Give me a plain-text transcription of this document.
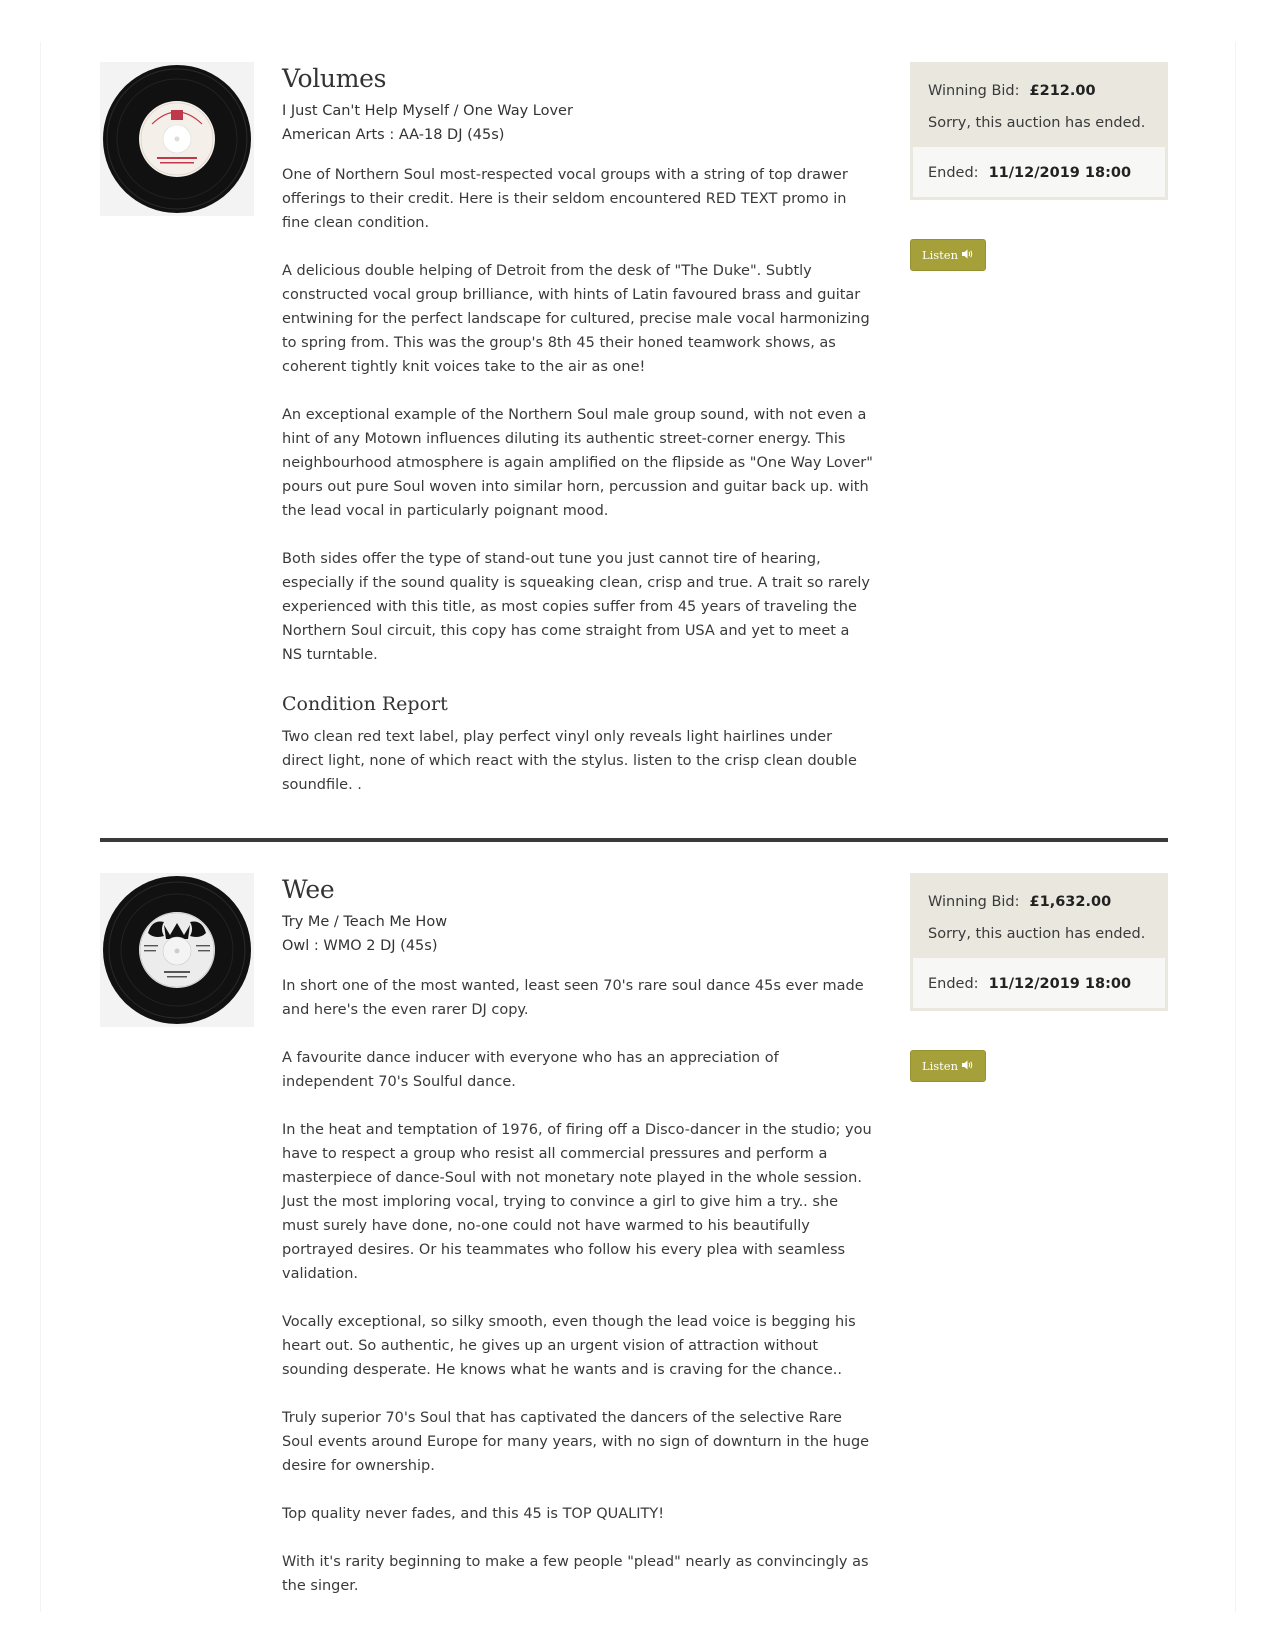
Volumes
I Just Can't Help Myself / One Way Lover
American Arts : AA-18 DJ (45s)

One of Northern Soul most-respected vocal groups with a string of top drawer offerings to their credit. Here is their seldom encountered RED TEXT promo in fine clean condition.

A delicious double helping of Detroit from the desk of "The Duke". Subtly constructed vocal group brilliance, with hints of Latin favoured brass and guitar entwining for the perfect landscape for cultured, precise male vocal harmonizing to spring from. This was the group's 8th 45 their honed teamwork shows, as coherent tightly knit voices take to the air as one!

An exceptional example of the Northern Soul male group sound, with not even a hint of any Motown influences diluting its authentic street-corner energy. This neighbourhood atmosphere is again amplified on the flipside as "One Way Lover" pours out pure Soul woven into similar horn, percussion and guitar back up. with the lead vocal in particularly poignant mood.

Both sides offer the type of stand-out tune you just cannot tire of hearing, especially if the sound quality is squeaking clean, crisp and true. A trait so rarely experienced with this title, as most copies suffer from 45 years of traveling the Northern Soul circuit, this copy has come straight from USA and yet to meet a NS turntable.

Condition Report

Two clean red text label, play perfect vinyl only reveals light hairlines under direct light, none of which react with the stylus. listen to the crisp clean double soundfile. .

Winning Bid: £212.00
Sorry, this auction has ended.
Ended: 11/12/2019 18:00
Listen
Wee
Try Me / Teach Me How
Owl : WMO 2 DJ (45s)

In short one of the most wanted, least seen 70's rare soul dance 45s ever made and here's the even rarer DJ copy.

A favourite dance inducer with everyone who has an appreciation of independent 70's Soulful dance.

In the heat and temptation of 1976, of firing off a Disco-dancer in the studio; you have to respect a group who resist all commercial pressures and perform a masterpiece of dance-Soul with not monetary note played in the whole session. Just the most imploring vocal, trying to convince a girl to give him a try.. she must surely have done, no-one could not have warmed to his beautifully portrayed desires. Or his teammates who follow his every plea with seamless validation.

Vocally exceptional, so silky smooth, even though the lead voice is begging his heart out. So authentic, he gives up an urgent vision of attraction without sounding desperate. He knows what he wants and is craving for the chance..

Truly superior 70's Soul that has captivated the dancers of the selective Rare Soul events around Europe for many years, with no sign of downturn in the huge desire for ownership.

Top quality never fades, and this 45 is TOP QUALITY!

With it's rarity beginning to make a few people "plead" nearly as convincingly as the singer.

Winning Bid: £1,632.00
Sorry, this auction has ended.
Ended: 11/12/2019 18:00
Listen
